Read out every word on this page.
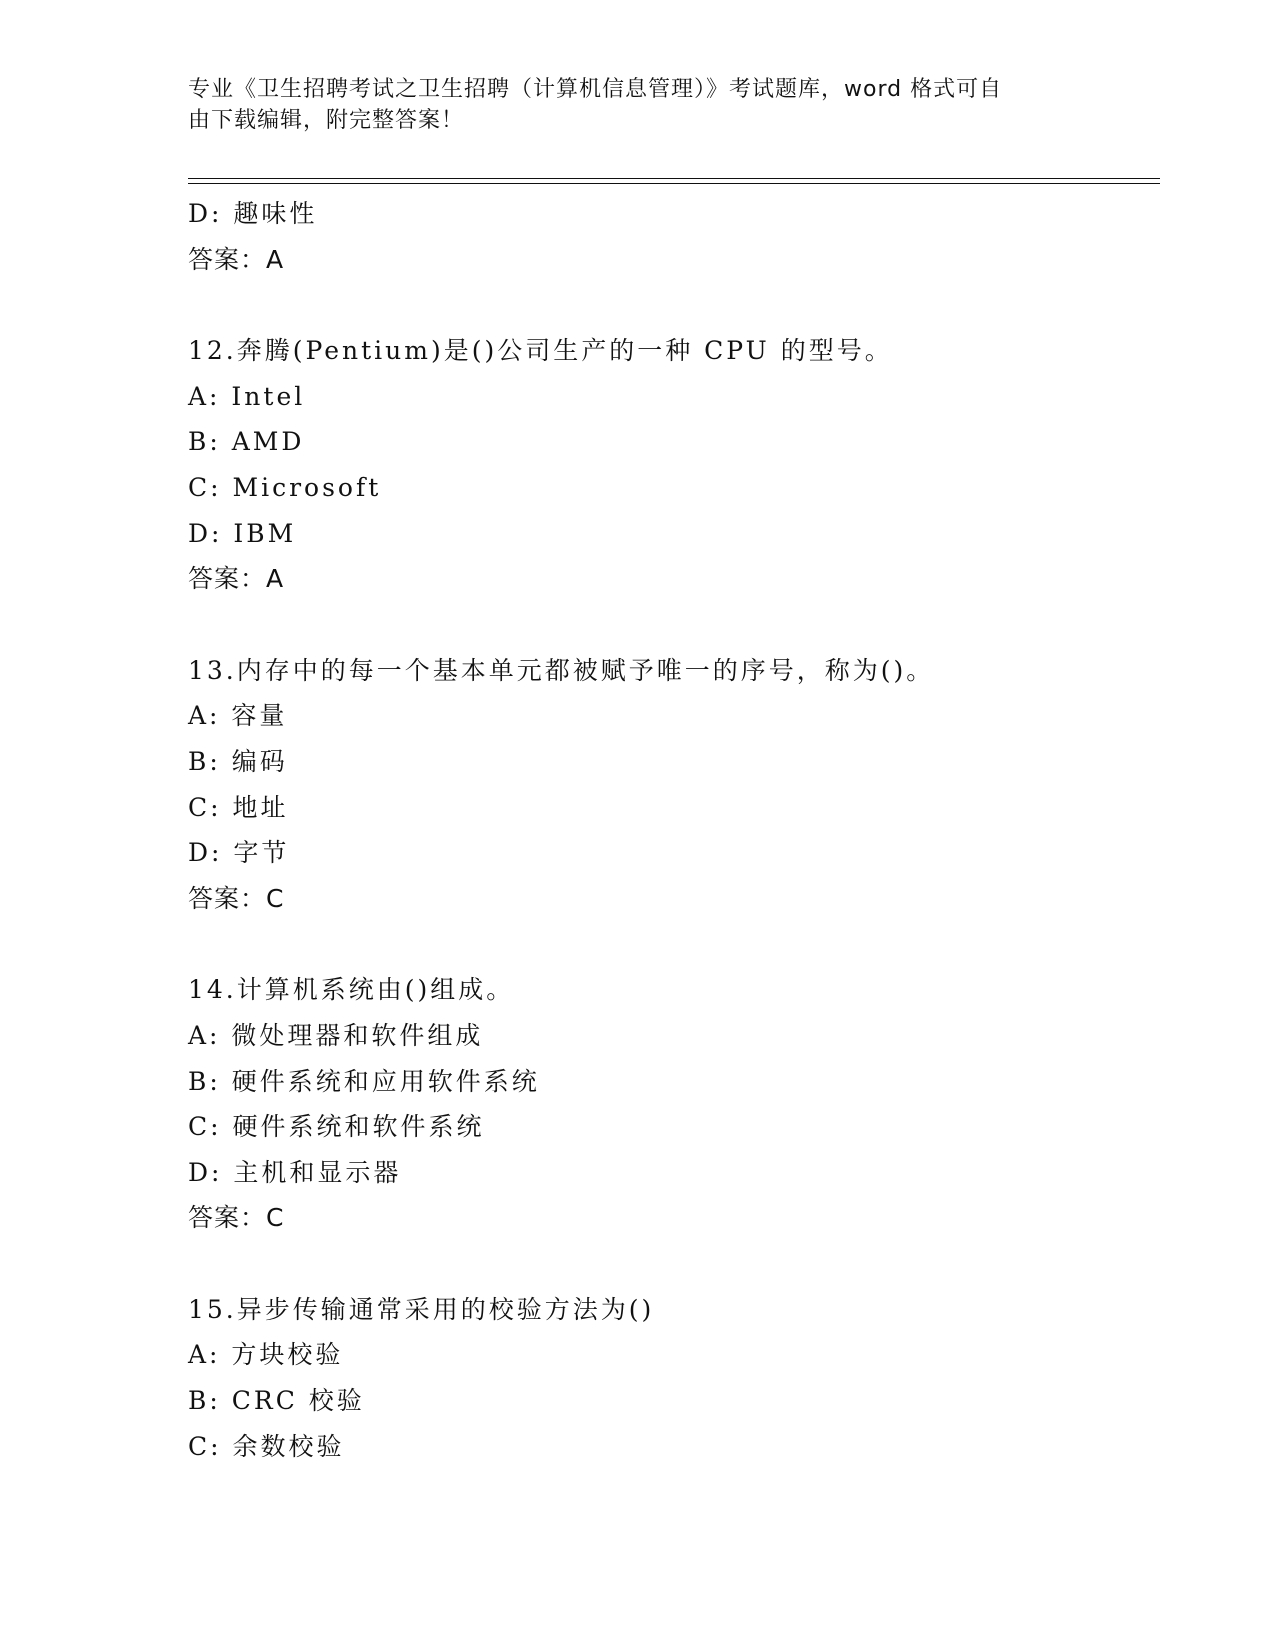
专业《卫生招聘考试之卫生招聘（计算机信息管理）》考试题库，word 格式可自
由下载编辑，附完整答案！
D: 趣味性
答案：A
12.奔腾(Pentium)是()公司生产的一种 CPU 的型号。
A: Intel
B: AMD
C: Microsoft
D: IBM
答案：A
13.内存中的每一个基本单元都被赋予唯一的序号，称为()。
A: 容量
B: 编码
C: 地址
D: 字节
答案：C
14.计算机系统由()组成。
A: 微处理器和软件组成
B: 硬件系统和应用软件系统
C: 硬件系统和软件系统
D: 主机和显示器
答案：C
15.异步传输通常采用的校验方法为()
A: 方块校验
B: CRC 校验
C: 余数校验
